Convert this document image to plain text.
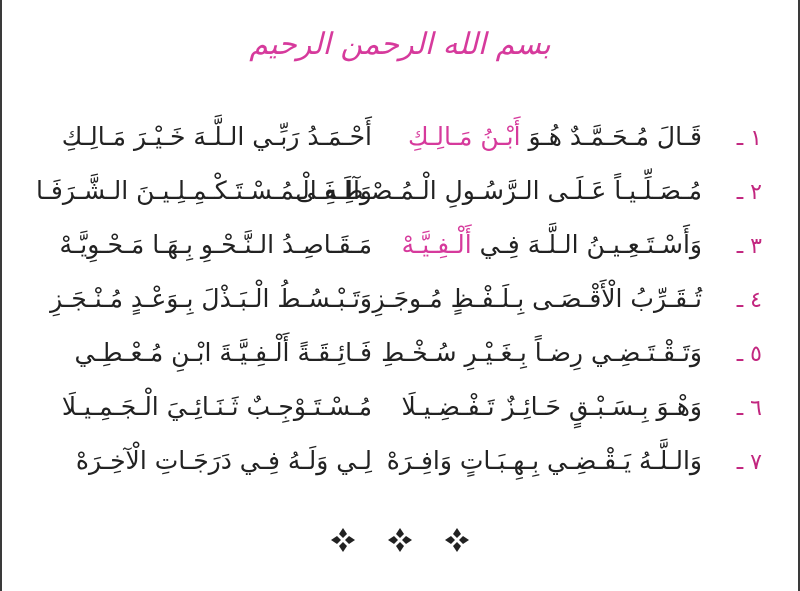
بسم الله الرحمن الرحيم
١ ـ
قَـالَ مُـحَـمَّـدٌ هُـوَ أَبْـنُ مَـالِـكِ
أَحْـمَـدُ رَبِّـي الـلَّـهَ خَـيْـرَ مَـالِـكِ
٢ ـ
مُـصَـلِّـيـاً عَـلَـى الـرَّسُـولِ الْـمُـصْـطَـفَـى
وَآلِـهِ الْـمُـسْـتَـكْـمِـلِـيـنَ الـشَّـرَفَـا
٣ ـ
وَأَسْـتَـعِـيـنُ الـلَّـهَ فِـي أَلْـفِـيَّـهْ
مَـقَـاصِـدُ الـنَّـحْـوِ بِـهَـا مَـحْـوِيَّـهْ
٤ ـ
تُـقَـرِّبُ الْأَقْـصَـى بِـلَـفْـظٍ مُـوجَـزِ
وَتَـبْـسُـطُ الْـبَـذْلَ بِـوَعْـدٍ مُـنْـجَـزِ
٥ ـ
وَتَـقْـتَـضِـي رِضـاً بِـغَـيْـرِ سُـخْـطِ
فَـائِـقَـةً أَلْـفِـيَّـةَ ابْـنِ مُـعْـطِـي
٦ ـ
وَهْـوَ بِـسَـبْـقٍ حَـائِـزٌ تَـفْـضِـيـلَا
مُـسْـتَـوْجِـبٌ ثَـنَـائِـيَ الْـجَـمِـيـلَا
٧ ـ
وَالـلَّـهُ يَـقْـضِـي بِـهِـبَـاتٍ وَافِـرَهْ
لِـي وَلَـهُ فِـي دَرَجَـاتِ الْآخِـرَهْ
